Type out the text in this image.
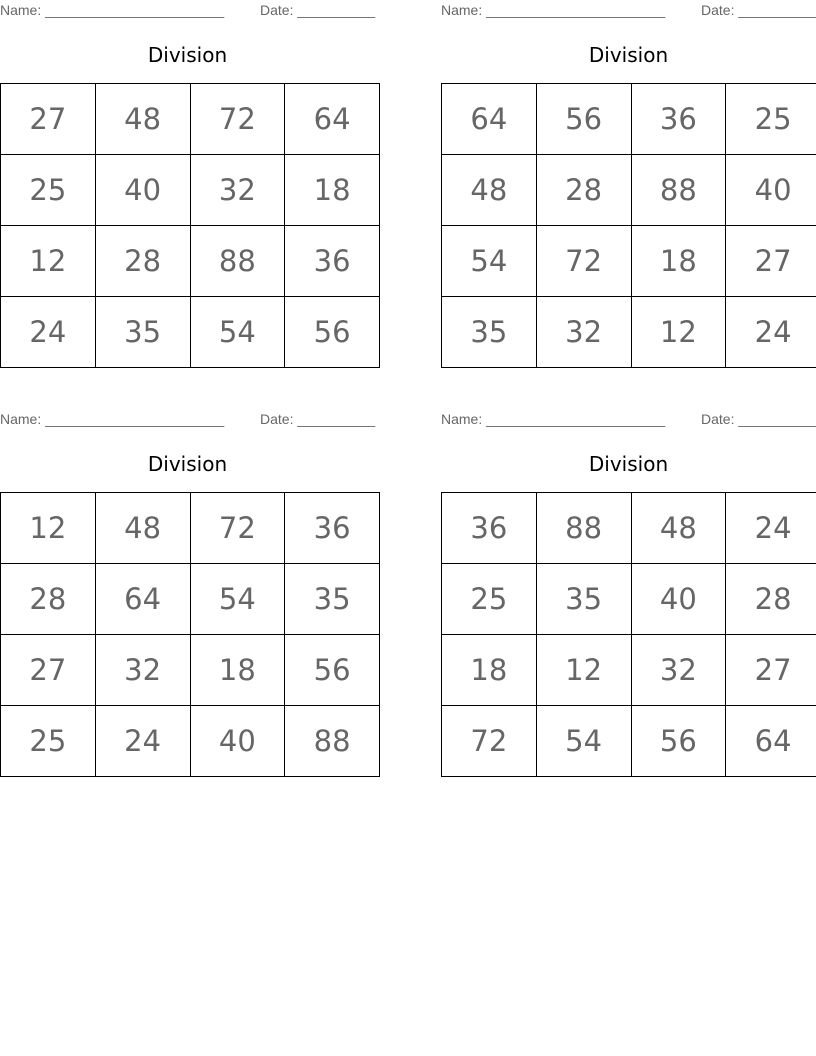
Name: _______________________	Date: __________
Division
27	48	72	64
25	40	32	18
12	28	88	36
24	35	54	56
Name: _______________________	Date: __________
Division
64	56	36	25
48	28	88	40
54	72	18	27
35	32	12	24
Name: _______________________	Date: __________
Division
12	48	72	36
28	64	54	35
27	32	18	56
25	24	40	88
Name: _______________________	Date: __________
Division
36	88	48	24
25	35	40	28
18	12	32	27
72	54	56	64
